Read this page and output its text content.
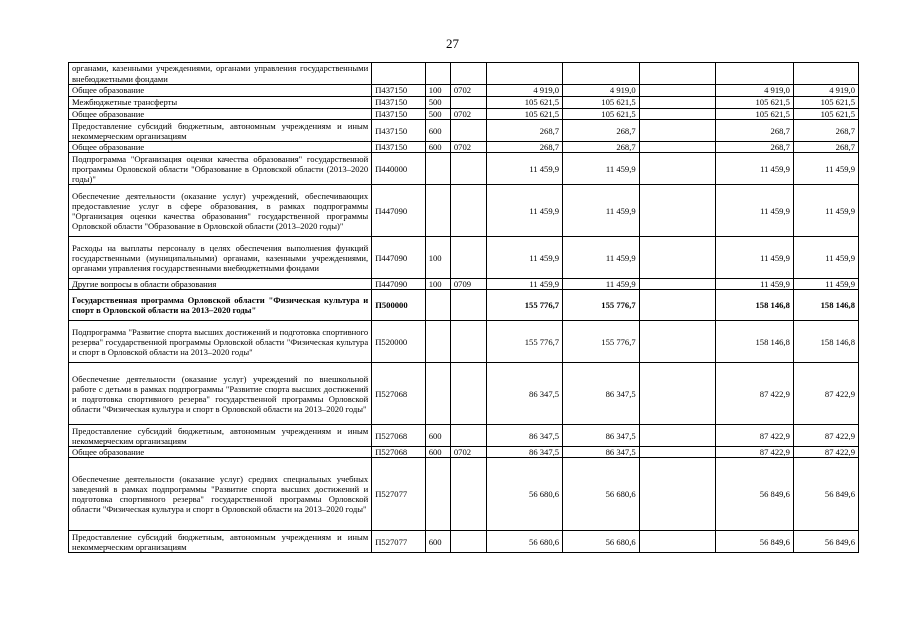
27
органами, казенными учреждениями, органами управления государственными внебюджетными фондами								
Общее образование	П437150	100	0702	4 919,0	4 919,0		4 919,0	4 919,0
Межбюджетные трансферты	П437150	500		105 621,5	105 621,5		105 621,5	105 621,5
Общее образование	П437150	500	0702	105 621,5	105 621,5		105 621,5	105 621,5
Предоставление субсидий бюджетным, автономным учреждениям и иным некоммерческим организациям	П437150	600		268,7	268,7		268,7	268,7
Общее образование	П437150	600	0702	268,7	268,7		268,7	268,7
Подпрограмма "Организация оценки качества образования" государственной программы Орловской области "Образование в Орловской области (2013–2020 годы)"	П440000			11 459,9	11 459,9		11 459,9	11 459,9
Обеспечение деятельности (оказание услуг) учреждений, обеспечивающих предоставление услуг в сфере образования, в рамках подпрограммы "Организация оценки качества образования" государственной программы Орловской области "Образование в Орловской области (2013–2020 годы)"	П447090			11 459,9	11 459,9		11 459,9	11 459,9
Расходы на выплаты персоналу в целях обеспечения выполнения функций государственными (муниципальными) органами, казенными учреждениями, органами управления государственными внебюджетными фондами	П447090	100		11 459,9	11 459,9		11 459,9	11 459,9
Другие вопросы в области образования	П447090	100	0709	11 459,9	11 459,9		11 459,9	11 459,9
Государственная программа Орловской области "Физическая культура и спорт в Орловской области на 2013–2020 годы"	П500000			155 776,7	155 776,7		158 146,8	158 146,8
Подпрограмма "Развитие спорта высших достижений и подготовка спортивного резерва" государственной программы Орловской области "Физическая культура и спорт в Орловской области на 2013–2020 годы"	П520000			155 776,7	155 776,7		158 146,8	158 146,8
Обеспечение деятельности (оказание услуг) учреждений по внешкольной работе с детьми в рамках подпрограммы "Развитие спорта высших достижений и подготовка спортивного резерва" государственной программы Орловской области "Физическая культура и спорт в Орловской области на 2013–2020 годы"	П527068			86 347,5	86 347,5		87 422,9	87 422,9
Предоставление субсидий бюджетным, автономным учреждениям и иным некоммерческим организациям	П527068	600		86 347,5	86 347,5		87 422,9	87 422,9
Общее образование	П527068	600	0702	86 347,5	86 347,5		87 422,9	87 422,9
Обеспечение деятельности (оказание услуг) средних специальных учебных заведений в рамках подпрограммы "Развитие спорта высших достижений и подготовка спортивного резерва" государственной программы Орловской области "Физическая культура и спорт в Орловской области на 2013–2020 годы"	П527077			56 680,6	56 680,6		56 849,6	56 849,6
Предоставление субсидий бюджетным, автономным учреждениям и иным некоммерческим организациям	П527077	600		56 680,6	56 680,6		56 849,6	56 849,6
